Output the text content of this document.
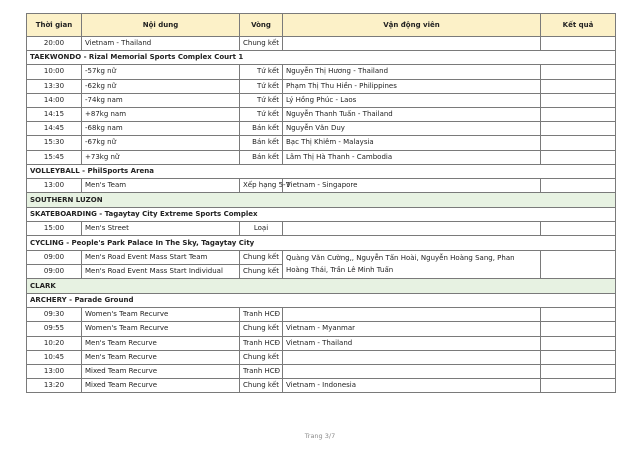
Thời gian	Nội dung	Vòng	Vận động viên	Kết quả
20:00	Vietnam - Thailand	Chung kết		
TAEKWONDO - Rizal Memorial Sports Complex Court 1				
10:00	-57kg nữ	Tứ kết	Nguyễn Thị Hương - Thailand	
13:30	-62kg nữ	Tứ kết	Phạm Thị Thu Hiền - Philippines	
14:00	-74kg nam	Tứ kết	Lý Hồng Phúc - Laos	
14:15	+87kg nam	Tứ kết	Nguyễn Thanh Tuấn - Thailand	
14:45	-68kg nam	Bán kết	Nguyễn Văn Duy	
15:30	-67kg nữ	Bán kết	Bạc Thị Khiêm - Malaysia	
15:45	+73kg nữ	Bán kết	Lâm Thị Hà Thanh - Cambodia	
VOLLEYBALL - PhilSports Arena				
13:00	Men's Team	Xếp hạng 5-7	Vietnam - Singapore	
SOUTHERN LUZON				
SKATEBOARDING - Tagaytay City Extreme Sports Complex				
15:00	Men's Street	Loại		
CYCLING - People's Park Palace In The Sky, Tagaytay City				
09:00	Men's Road Event Mass Start Team	Chung kết	Quàng Văn Cường,, Nguyễn Tấn Hoài, Nguyễn Hoàng Sang, Phan Hoàng Thái, Trần Lê Minh Tuấn	
09:00	Men's Road Event Mass Start Individual	Chung kết		
CLARK				
ARCHERY - Parade Ground				
09:30	Women's Team Recurve	Tranh HCĐ		
09:55	Women's Team Recurve	Chung kết	Vietnam - Myanmar	
10:20	Men's Team Recurve	Tranh HCĐ	Vietnam - Thailand	
10:45	Men's Team Recurve	Chung kết		
13:00	Mixed Team Recurve	Tranh HCĐ		
13:20	Mixed Team Recurve	Chung kết	Vietnam - Indonesia	
Trang 3/7
